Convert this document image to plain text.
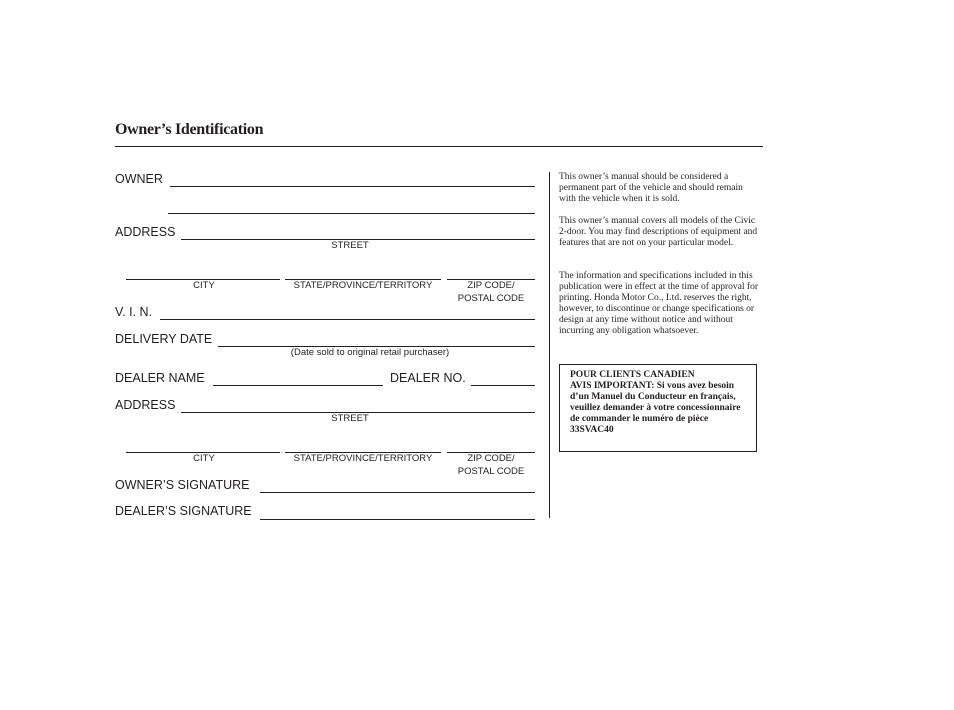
Owner’s Identification
OWNER
ADDRESS
STREET
CITY	STATE/PROVINCE/TERRITORY	ZIP CODE/
POSTAL CODE
V. I. N.
DELIVERY DATE
(Date sold to original retail purchaser)
DEALER NAME	DEALER NO.
ADDRESS
STREET
CITY	STATE/PROVINCE/TERRITORY	ZIP CODE/
POSTAL CODE
OWNER’S SIGNATURE
DEALER’S SIGNATURE
This owner’s manual should be considered a permanent part of the vehicle and should remain with the vehicle when it is sold.
This owner’s manual covers all models of the Civic 2-door. You may find descriptions of equipment and features that are not on your particular model.
The information and specifications included in this publication were in effect at the time of approval for printing. Honda Motor Co., Ltd. reserves the right, however, to discontinue or change specifications or design at any time without notice and without incurring any obligation whatsoever.
POUR CLIENTS CANADIEN
AVIS IMPORTANT: Si vous avez besoin d’un Manuel du Conducteur en français, veuillez demander à votre concessionnaire de commander le numéro de pièce 33SVAC40
